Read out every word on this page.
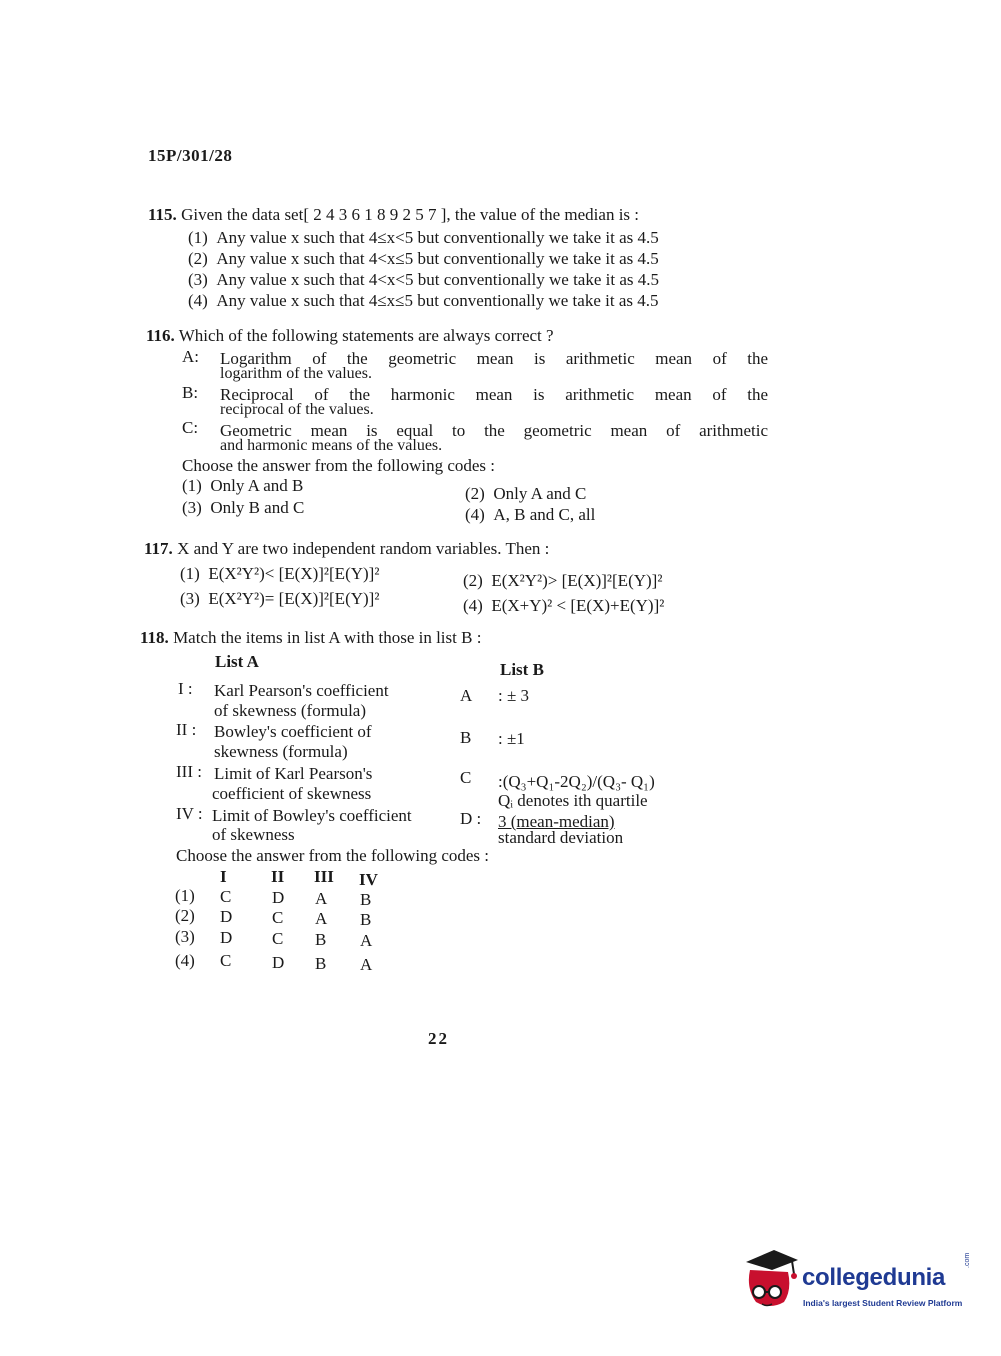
15P/301/28
115. Given the data set[ 2 4 3 6 1 8 9 2 5 7 ], the value of the median is :
(1) Any value x such that 4≤x<5 but conventionally we take it as 4.5
(2) Any value x such that 4<x≤5 but conventionally we take it as 4.5
(3) Any value x such that 4<x<5 but conventionally we take it as 4.5
(4) Any value x such that 4≤x≤5 but conventionally we take it as 4.5
116. Which of the following statements are always correct ?
A: Logarithm of the geometric mean is arithmetic mean of the
logarithm of the values.
B: Reciprocal of the harmonic mean is arithmetic mean of the
reciprocal of the values.
C: Geometric mean is equal to the geometric mean of arithmetic
and harmonic means of the values.
Choose the answer from the following codes :
(1) Only A and B	(2) Only A and C
(3) Only B and C	(4) A, B and C, all
117. X and Y are two independent random variables. Then :
(1) E(X²Y²)< [E(X)]²[E(Y)]²	(2) E(X²Y²)> [E(X)]²[E(Y)]²
(3) E(X²Y²)= [E(X)]²[E(Y)]²	(4) E(X+Y)² < [E(X)+E(Y)]²
118. Match the items in list A with those in list B :
List A	List B
I : Karl Pearson's coefficient
of skewness (formula)
II : Bowley's coefficient of
skewness (formula)
III : Limit of Karl Pearson's
coefficient of skewness
IV : Limit of Bowley's coefficient
of skewness
A : ± 3
B : ±1
C :(Q₃+Q₁-2Q₂)/(Q₃- Q₁)
Qᵢ denotes ith quartile
D : 3 (mean-median)
standard deviation
Choose the answer from the following codes :
I	II III IV
(1) C D A B
(2) D C A B
(3) D C B A
(4) C D B A
22
collegedunia
.com
India's largest Student Review Platform
